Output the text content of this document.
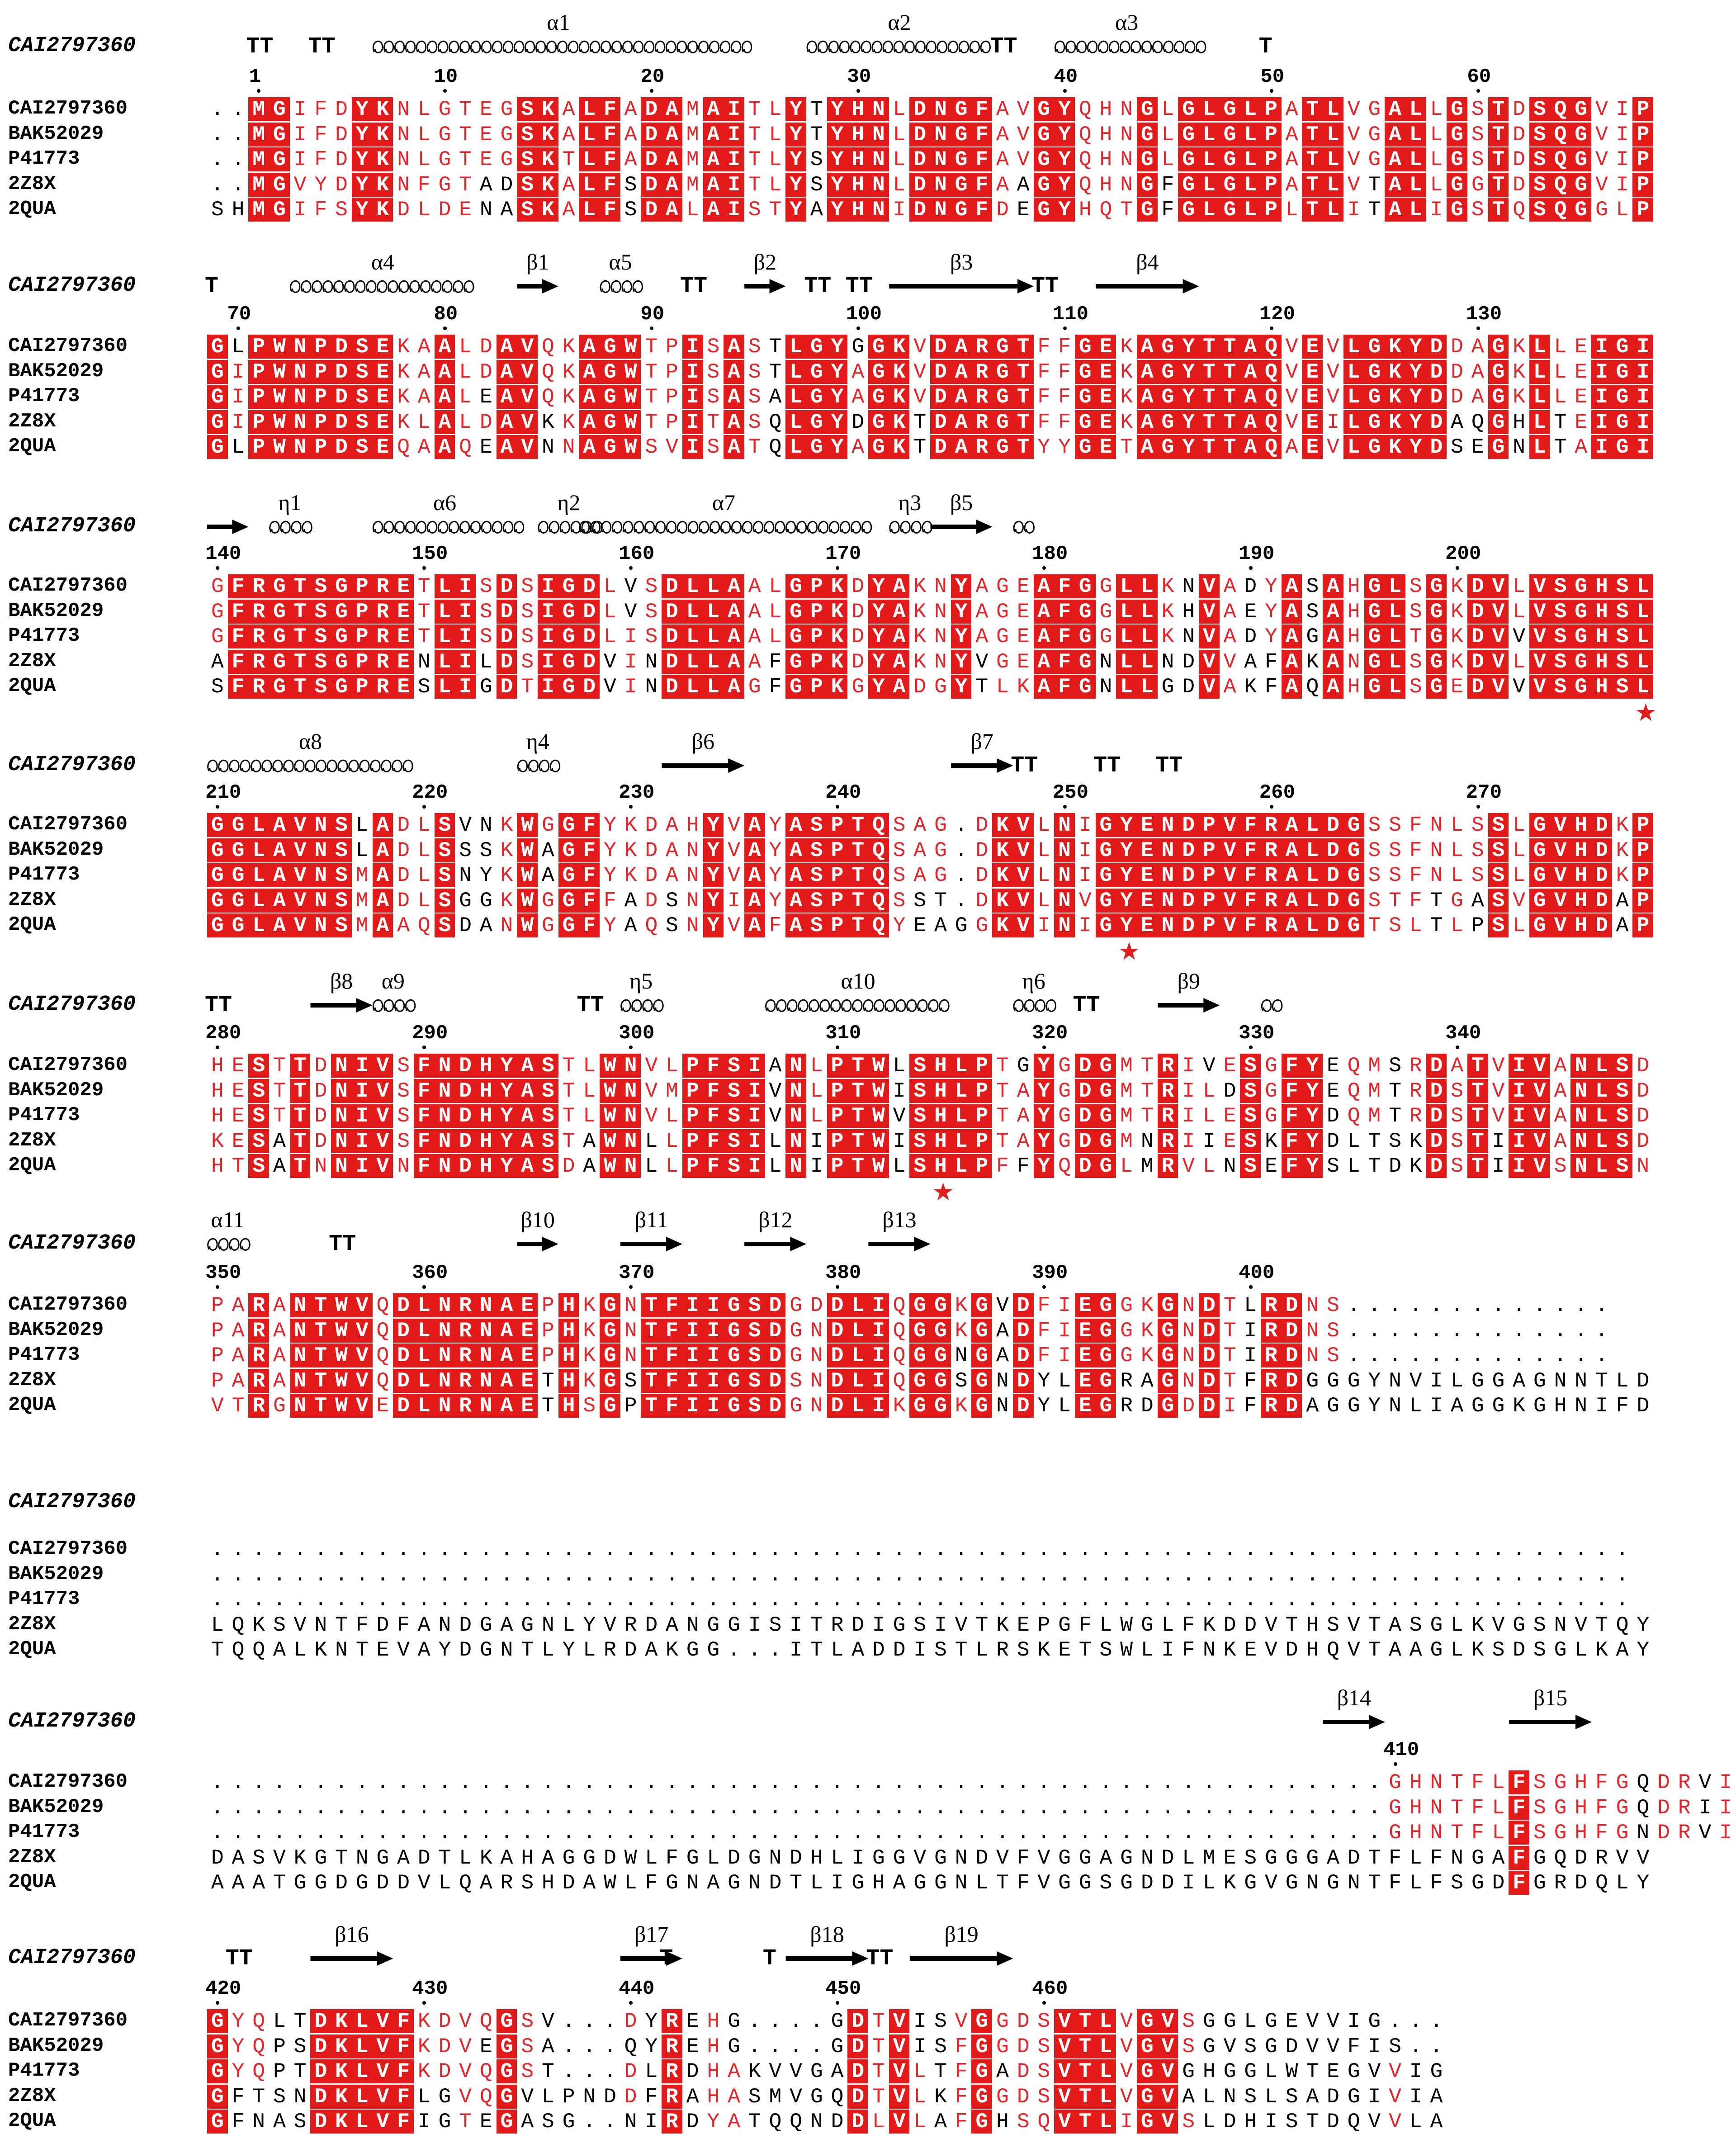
CAI2797360	TT TT
α1	α2
TT
α3
T
1	10	20	30	40	50	60
CAI2797360	. . M G I F D Y K N L G T E G S K A L F A D A M A I T L Y T Y H N L D N G F A V G Y Q H N G L G L G L P A T L V G A L L G S T D S Q G V I P
BAK52029	. . M G I F D Y K N L G T E G S K A L F A D A M A I T L Y T Y H N L D N G F A V G Y Q H N G L G L G L P A T L V G A L L G S T D S Q G V I P
P41773	. . M G I F D Y K N L G T E G S K T L F A D A M A I T L Y S Y H N L D N G F A V G Y Q H N G L G L G L P A T L V G A L L G S T D S Q G V I P
2Z8X	. . M G V Y D Y K N F G T A D S K A L F S D A M A I T L Y S Y H N L D N G F A A G Y Q H N G F G L G L P A T L V T A L L G G T D S Q G V I P
2QUA	S H M G I F S Y K D L D E N A S K A L F S D A L A I S T Y A Y H N I D N G F D E G Y H Q T G F G L G L P L T L I T A L I G S T Q S Q G G L P
CAI2797360	T
α4	β1	α5
TT
β2
TT TT
β3
TT
β4
70	80	90	100	110	120	130
CAI2797360	G L P W N P D S E K A A L D A V Q K A G W T P I S A S T L G Y G G K V D A R G T F F G E K A G Y T T A Q V E V L G K Y D D A G K L L E I G I
BAK52029	G I P W N P D S E K A A L D A V Q K A G W T P I S A S T L G Y A G K V D A R G T F F G E K A G Y T T A Q V E V L G K Y D D A G K L L E I G I
P41773	G I P W N P D S E K A A L E A V Q K A G W T P I S A S A L G Y A G K V D A R G T F F G E K A G Y T T A Q V E V L G K Y D D A G K L L E I G I
2Z8X	G I P W N P D S E K L A L D A V K K A G W T P I T A S Q L G Y D G K T D A R G T F F G E K A G Y T T A Q V E I L G K Y D A Q G H L T E I G I
2QUA	G L P W N P D S E Q A A Q E A V N N A G W S V I S A T Q L G Y A G K T D A R G T Y Y G E T A G Y T T A Q A E V L G K Y D S E G N L T A I G I
CAI2797360
η1	α6	η2	α7	η3 β5
140	150	160	170	180	190	200
CAI2797360	G F R G T S G P R E T L I S D S I G D L V S D L L A A L G P K D Y A K N Y A G E A F G G L L K N V A D Y A S A H G L S G K D V L V S G H S L
BAK52029	G F R G T S G P R E T L I S D S I G D L V S D L L A A L G P K D Y A K N Y A G E A F G G L L K H V A E Y A S A H G L S G K D V L V S G H S L
P41773	G F R G T S G P R E T L I S D S I G D L I S D L L A A L G P K D Y A K N Y A G E A F G G L L K N V A D Y A G A H G L T G K D V V V S G H S L
2Z8X	A F R G T S G P R E N L I L D S I G D V I N D L L A A F G P K D Y A K N Y V G E A F G N L L N D V V A F A K A N G L S G K D V L V S G H S L
2QUA	S F R G T S G P R E S L I G D T I G D V I N D L L A G F G P K G Y A D G Y T L K A F G N L L G D V A K F A Q A H G L S G E D V V V S G H S L
★
CAI2797360
α8	η4	β6	β7
TT TT TT
210	220	230	240	250	260	270
CAI2797360	G G L A V N S L A D L S V N K W G G F Y K D A H Y V A Y A S P T Q S A G . D K V L N I G Y E N D P V F R A L D G S S F N L S S L G V H D K P
BAK52029	G G L A V N S L A D L S S S K W A G F Y K D A N Y V A Y A S P T Q S A G . D K V L N I G Y E N D P V F R A L D G S S F N L S S L G V H D K P
P41773	G G L A V N S M A D L S N Y K W A G F Y K D A N Y V A Y A S P T Q S A G . D K V L N I G Y E N D P V F R A L D G S S F N L S S L G V H D K P
2Z8X	G G L A V N S M A D L S G G K W G G F F A D S N Y I A Y A S P T Q S S T . D K V L N V G Y E N D P V F R A L D G S T F T G A S V G V H D A P
2QUA	G G L A V N S M A A Q S D A N W G G F Y A Q S N Y V A F A S P T Q Y E A G G K V I N I G Y E N D P V F R A L D G T S L T L P S L G V H D A P
★
CAI2797360	TT
β8 α9
TT
η5	α10	η6
TT
β9
280	290	300	310	320	330	340
CAI2797360	H E S T T D N I V S F N D H Y A S T L W N V L P F S I A N L P T W L S H L P T G Y G D G M T R I V E S G F Y E Q M S R D A T V I V A N L S D
BAK52029	H E S T T D N I V S F N D H Y A S T L W N V M P F S I V N L P T W I S H L P T A Y G D G M T R I L D S G F Y E Q M T R D S T V I V A N L S D
P41773	H E S T T D N I V S F N D H Y A S T L W N V L P F S I V N L P T W V S H L P T A Y G D G M T R I L E S G F Y D Q M T R D S T V I V A N L S D
2Z8X	K E S A T D N I V S F N D H Y A S T A W N L L P F S I L N I P T W I S H L P T A Y G D G M N R I I E S K F Y D L T S K D S T I I V A N L S D
2QUA	H T S A T N N I V N F N D H Y A S D A W N L L P F S I L N I P T W L S H L P F F Y Q D G L M R V L N S E F Y S L T D K D S T I I V S N L S N
★
CAI2797360
α11
TT
β10	β11	β12	β13
350	360	370	380	390	400
CAI2797360	P A R A N T W V Q D L N R N A E P H K G N T F I I G S D G D D L I Q G G K G V D F I E G G K G N D T L R D N S . . . . . . . . . . . . .
BAK52029	P A R A N T W V Q D L N R N A E P H K G N T F I I G S D G N D L I Q G G K G A D F I E G G K G N D T I R D N S . . . . . . . . . . . . .
P41773	P A R A N T W V Q D L N R N A E P H K G N T F I I G S D G N D L I Q G G N G A D F I E G G K G N D T I R D N S . . . . . . . . . . . . .
2Z8X	P A R A N T W V Q D L N R N A E T H K G S T F I I G S D S N D L I Q G G S G N D Y L E G R A G N D T F R D G G G Y N V I L G G A G N N T L D
2QUA	V T R G N T W V E D L N R N A E T H S G P T F I I G S D G N D L I K G G K G N D Y L E G R D G D D I F R D A G G Y N L I A G G K G H N I F D
CAI2797360
CAI2797360	. . . . . . . . . . . . . . . . . . . . . . . . . . . . . . . . . . . . . . . . . . . . . . . . . . . . . . . . . . . . . . . . . . . . .
BAK52029	. . . . . . . . . . . . . . . . . . . . . . . . . . . . . . . . . . . . . . . . . . . . . . . . . . . . . . . . . . . . . . . . . . . . .
P41773	. . . . . . . . . . . . . . . . . . . . . . . . . . . . . . . . . . . . . . . . . . . . . . . . . . . . . . . . . . . . . . . . . . . . .
2Z8X	L Q K S V N T F D F A N D G A G N L Y V R D A N G G I S I T R D I G S I V T K E P G F L W G L F K D D V T H S V T A S G L K V G S N V T Q Y
2QUA	T Q Q A L K N T E V A Y D G N T L Y L R D A K G G . . . I T L A D D I S T L R S K E T S W L I F N K E V D H Q V T A A G L K S D S G L K A Y
CAI2797360
β14	β15
410
CAI2797360	. . . . . . . . . . . . . . . . . . . . . . . . . . . . . . . . . . . . . . . . . . . . . . . . . . . . . . . . . G H N T F L F S G H F G Q D R V I
BAK52029	. . . . . . . . . . . . . . . . . . . . . . . . . . . . . . . . . . . . . . . . . . . . . . . . . . . . . . . . . G H N T F L F S G H F G Q D R I I
P41773	. . . . . . . . . . . . . . . . . . . . . . . . . . . . . . . . . . . . . . . . . . . . . . . . . . . . . . . . . G H N T F L F S G H F G N D R V I
2Z8X	D A S V K G T N G A D T L K A H A G G D W L F G L D G N D H L I G G V G N D V F V G G A G N D L M E S G G G A D T F L F N G A F G Q D R V V
2QUA	A A A T G G D G D D V L Q A R S H D A W L F G N A G N D T L I G H A G G N L T F V G G S G D D I L K G V G N G N T F L F S G D F G R D Q L Y
CAI2797360	TT
β16	β17
T	T
β18
TT
β19
420	430	440	450	460
CAI2797360	G Y Q L T D K L V F K D V Q G S V . . . D Y R E H G . . . . G D T V I S V G G D S V T L V G V S G G L G E V V I G . . .
BAK52029	G Y Q P S D K L V F K D V E G S A . . . Q Y R E H G . . . . G D T V I S F G G D S V T L V G V S G V S G D V V F I S . .
P41773	G Y Q P T D K L V F K D V Q G S T . . . D L R D H A K V V G A D T V L T F G A D S V T L V G V G H G G L W T E G V V I G
2Z8X	G F T S N D K L V F L G V Q G V L P N D D F R A H A S M V G Q D T V L K F G G D S V T L V G V A L N S L S A D G I V I A
2QUA	G F N A S D K L V F I G T E G A S G . . N I R D Y A T Q Q N D D L V L A F G H S Q V T L I G V S L D H I S T D Q V V L A
